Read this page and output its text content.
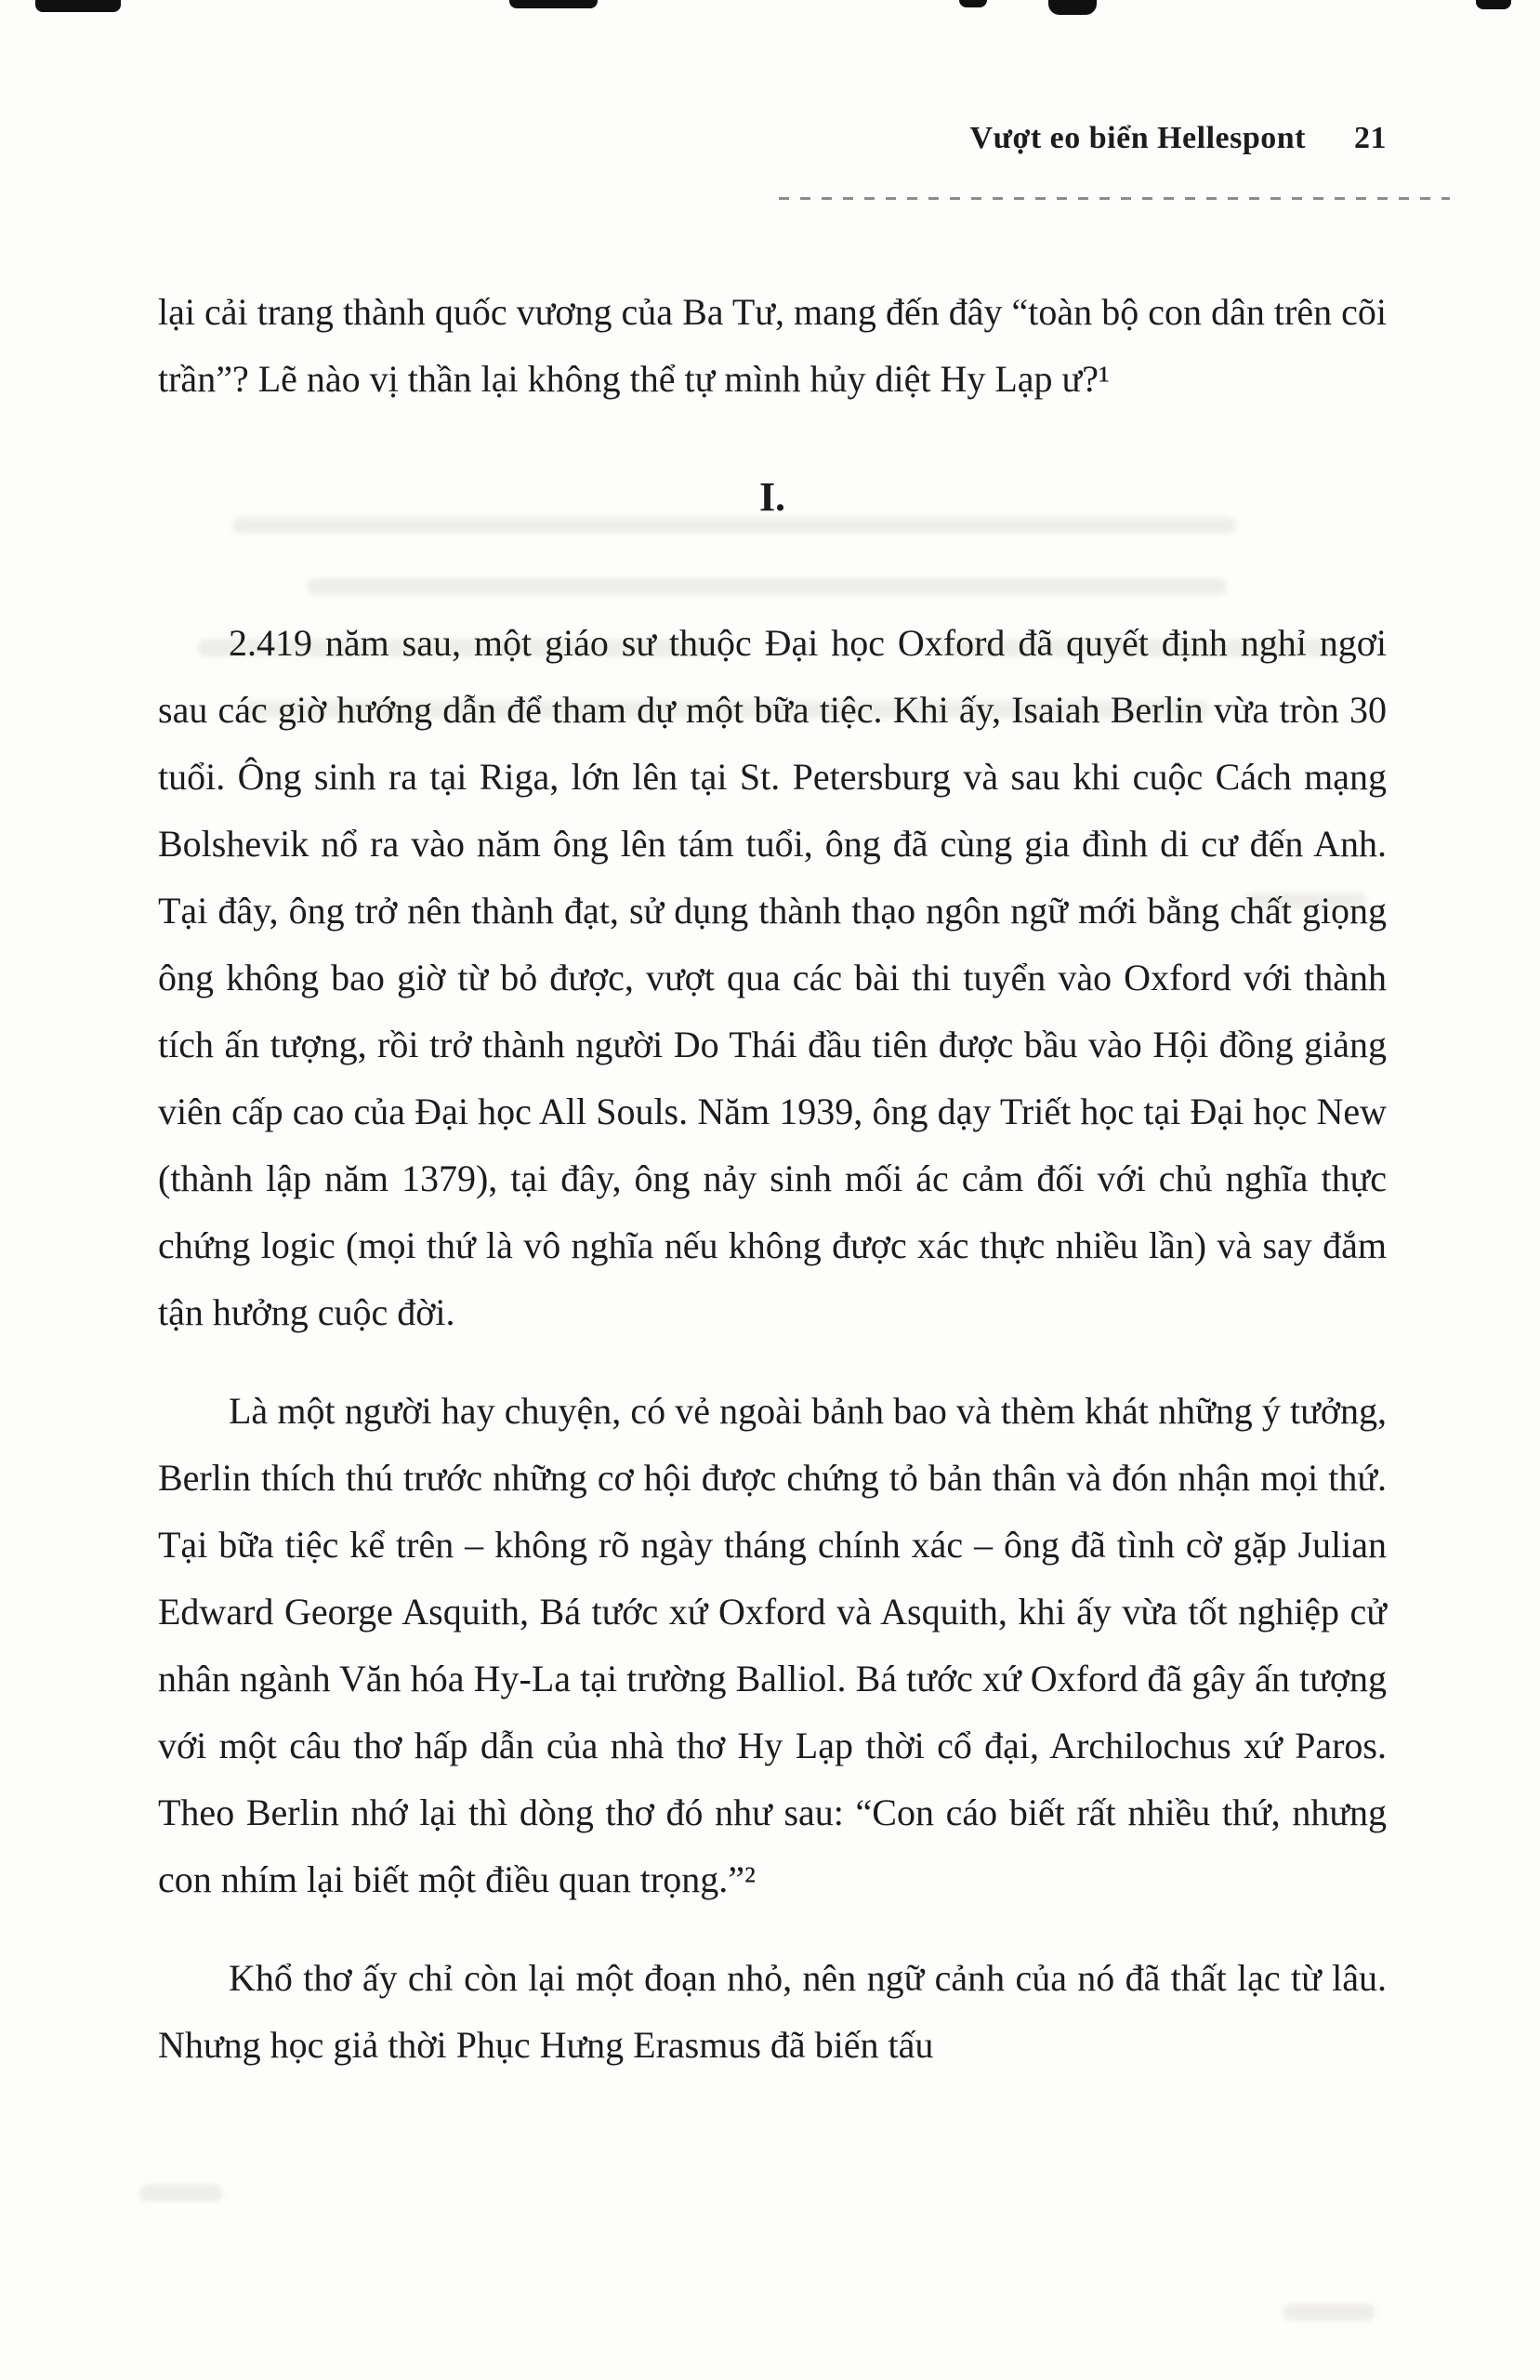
Vượt eo biển Hellespont 21

lại cải trang thành quốc vương của Ba Tư, mang đến đây “toàn bộ con dân trên cõi trần”? Lẽ nào vị thần lại không thể tự mình hủy diệt Hy Lạp ư?¹

I.

2.419 năm sau, một giáo sư thuộc Đại học Oxford đã quyết định nghỉ ngơi sau các giờ hướng dẫn để tham dự một bữa tiệc. Khi ấy, Isaiah Berlin vừa tròn 30 tuổi. Ông sinh ra tại Riga, lớn lên tại St. Petersburg và sau khi cuộc Cách mạng Bolshevik nổ ra vào năm ông lên tám tuổi, ông đã cùng gia đình di cư đến Anh. Tại đây, ông trở nên thành đạt, sử dụng thành thạo ngôn ngữ mới bằng chất giọng ông không bao giờ từ bỏ được, vượt qua các bài thi tuyển vào Oxford với thành tích ấn tượng, rồi trở thành người Do Thái đầu tiên được bầu vào Hội đồng giảng viên cấp cao của Đại học All Souls. Năm 1939, ông dạy Triết học tại Đại học New (thành lập năm 1379), tại đây, ông nảy sinh mối ác cảm đối với chủ nghĩa thực chứng logic (mọi thứ là vô nghĩa nếu không được xác thực nhiều lần) và say đắm tận hưởng cuộc đời.

Là một người hay chuyện, có vẻ ngoài bảnh bao và thèm khát những ý tưởng, Berlin thích thú trước những cơ hội được chứng tỏ bản thân và đón nhận mọi thứ. Tại bữa tiệc kể trên – không rõ ngày tháng chính xác – ông đã tình cờ gặp Julian Edward George Asquith, Bá tước xứ Oxford và Asquith, khi ấy vừa tốt nghiệp cử nhân ngành Văn hóa Hy-La tại trường Balliol. Bá tước xứ Oxford đã gây ấn tượng với một câu thơ hấp dẫn của nhà thơ Hy Lạp thời cổ đại, Archilochus xứ Paros. Theo Berlin nhớ lại thì dòng thơ đó như sau: “Con cáo biết rất nhiều thứ, nhưng con nhím lại biết một điều quan trọng.”²

Khổ thơ ấy chỉ còn lại một đoạn nhỏ, nên ngữ cảnh của nó đã thất lạc từ lâu. Nhưng học giả thời Phục Hưng Erasmus đã biến tấu
